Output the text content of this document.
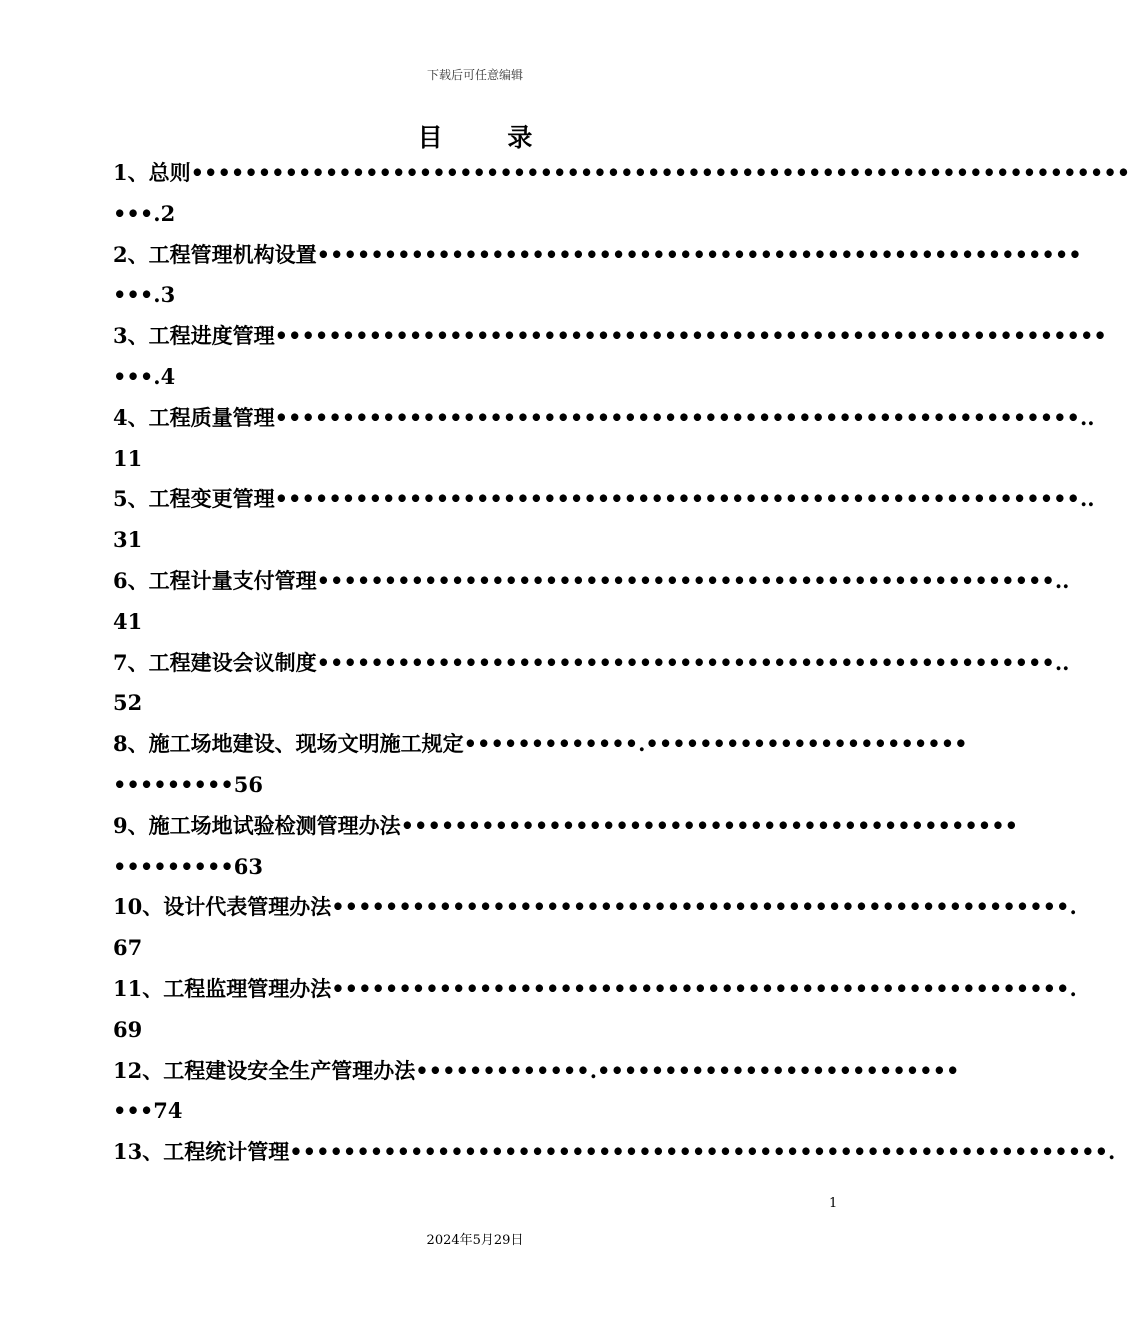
下载后可任意编辑
目	录
1、总则••••••••••••••••••••••••••••••••••••••••••••••••••••••••••••••••••••••
•••.2
2、工程管理机构设置•••••••••••••••••••••••••••••••••••••••••••••••••••••••••
•••.3
3、工程进度管理••••••••••••••••••••••••••••••••••••••••••••••••••••••••••••••
•••.4
4、工程质量管理••••••••••••••••••••••••••••••••••••••••••••••••••••••••••••..
11
5、工程变更管理••••••••••••••••••••••••••••••••••••••••••••••••••••••••••••..
31
6、工程计量支付管理•••••••••••••••••••••••••••••••••••••••••••••••••••••••..
41
7、工程建设会议制度•••••••••••••••••••••••••••••••••••••••••••••••••••••••..
52
8、施工场地建设、现场文明施工规定•••••••••••••.••••••••••••••••••••••••
•••••••••56
9、施工场地试验检测管理办法••••••••••••••••••••••••••••••••••••••••••••••
•••••••••63
10、设计代表管理办法•••••••••••••••••••••••••••••••••••••••••••••••••••••••.
67
11、工程监理管理办法•••••••••••••••••••••••••••••••••••••••••••••••••••••••.
69
12、工程建设安全生产管理办法•••••••••••••.•••••••••••••••••••••••••••
•••74
13、工程统计管理•••••••••••••••••••••••••••••••••••••••••••••••••••••••••••••.
1
2024年5月29日
